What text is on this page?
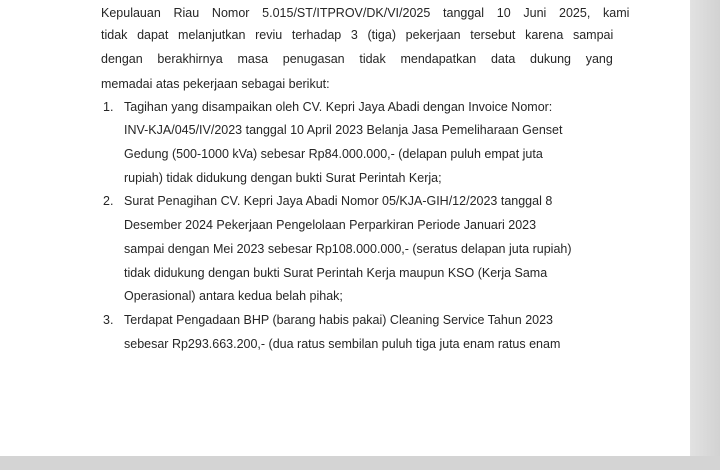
Kepulauan Riau Nomor 5.015/ST/ITPROV/DK/VI/2025 tanggal 10 Juni 2025, kami

tidak dapat melanjutkan reviu terhadap 3 (tiga) pekerjaan tersebut karena sampai

dengan berakhirnya masa penugasan tidak mendapatkan data dukung yang

memadai atas pekerjaan sebagai berikut:

1. Tagihan yang disampaikan oleh CV. Kepri Jaya Abadi dengan Invoice Nomor:

INV-KJA/045/IV/2023 tanggal 10 April 2023 Belanja Jasa Pemeliharaan Genset

Gedung (500-1000 kVa) sebesar Rp84.000.000,- (delapan puluh empat juta

rupiah) tidak didukung dengan bukti Surat Perintah Kerja;

2. Surat Penagihan CV. Kepri Jaya Abadi Nomor 05/KJA-GIH/12/2023 tanggal 8

Desember 2024 Pekerjaan Pengelolaan Perparkiran Periode Januari 2023

sampai dengan Mei 2023 sebesar Rp108.000.000,- (seratus delapan juta rupiah)

tidak didukung dengan bukti Surat Perintah Kerja maupun KSO (Kerja Sama

Operasional) antara kedua belah pihak;

3. Terdapat Pengadaan BHP (barang habis pakai) Cleaning Service Tahun 2023

sebesar Rp293.663.200,- (dua ratus sembilan puluh tiga juta enam ratus enam
